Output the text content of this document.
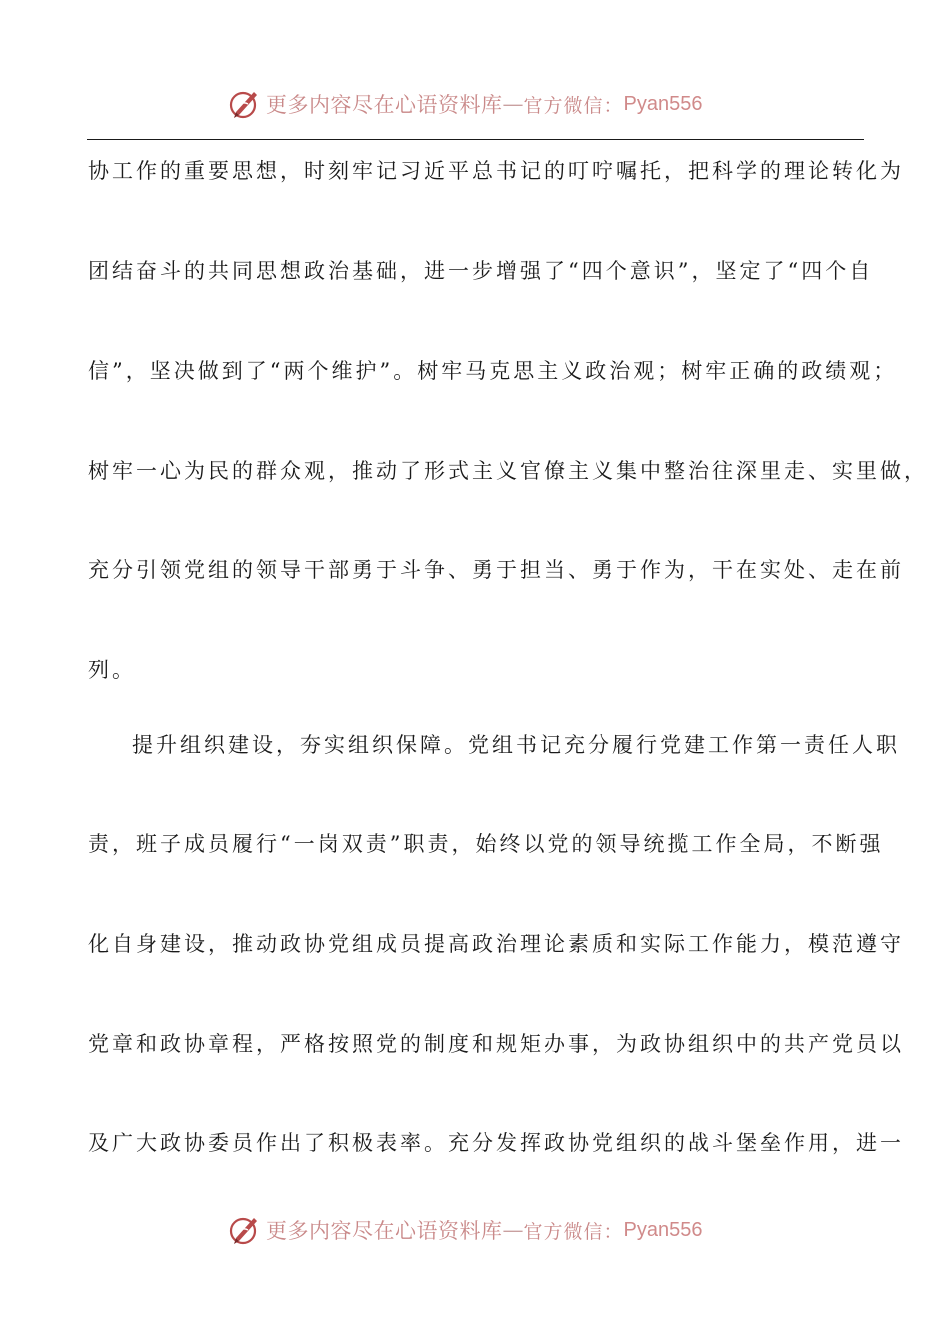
更多内容尽在心语资料库 — 官方微信： Pyan556
协工作的重要思想，时刻牢记习近平总书记的叮咛嘱托，把科学的理论转化为
团结奋斗的共同思想政治基础，进一步增强了“四个意识”，坚定了“四个自
信”，坚决做到了“两个维护”。树牢马克思主义政治观；树牢正确的政绩观；
树牢一心为民的群众观，推动了形式主义官僚主义集中整治往深里走、实里做，
充分引领党组的领导干部勇于斗争、勇于担当、勇于作为，干在实处、走在前
列。
提升组织建设，夯实组织保障。党组书记充分履行党建工作第一责任人职
责，班子成员履行“一岗双责”职责，始终以党的领导统揽工作全局，不断强
化自身建设，推动政协党组成员提高政治理论素质和实际工作能力，模范遵守
党章和政协章程，严格按照党的制度和规矩办事，为政协组织中的共产党员以
及广大政协委员作出了积极表率。充分发挥政协党组织的战斗堡垒作用，进一
更多内容尽在心语资料库 — 官方微信： Pyan556
